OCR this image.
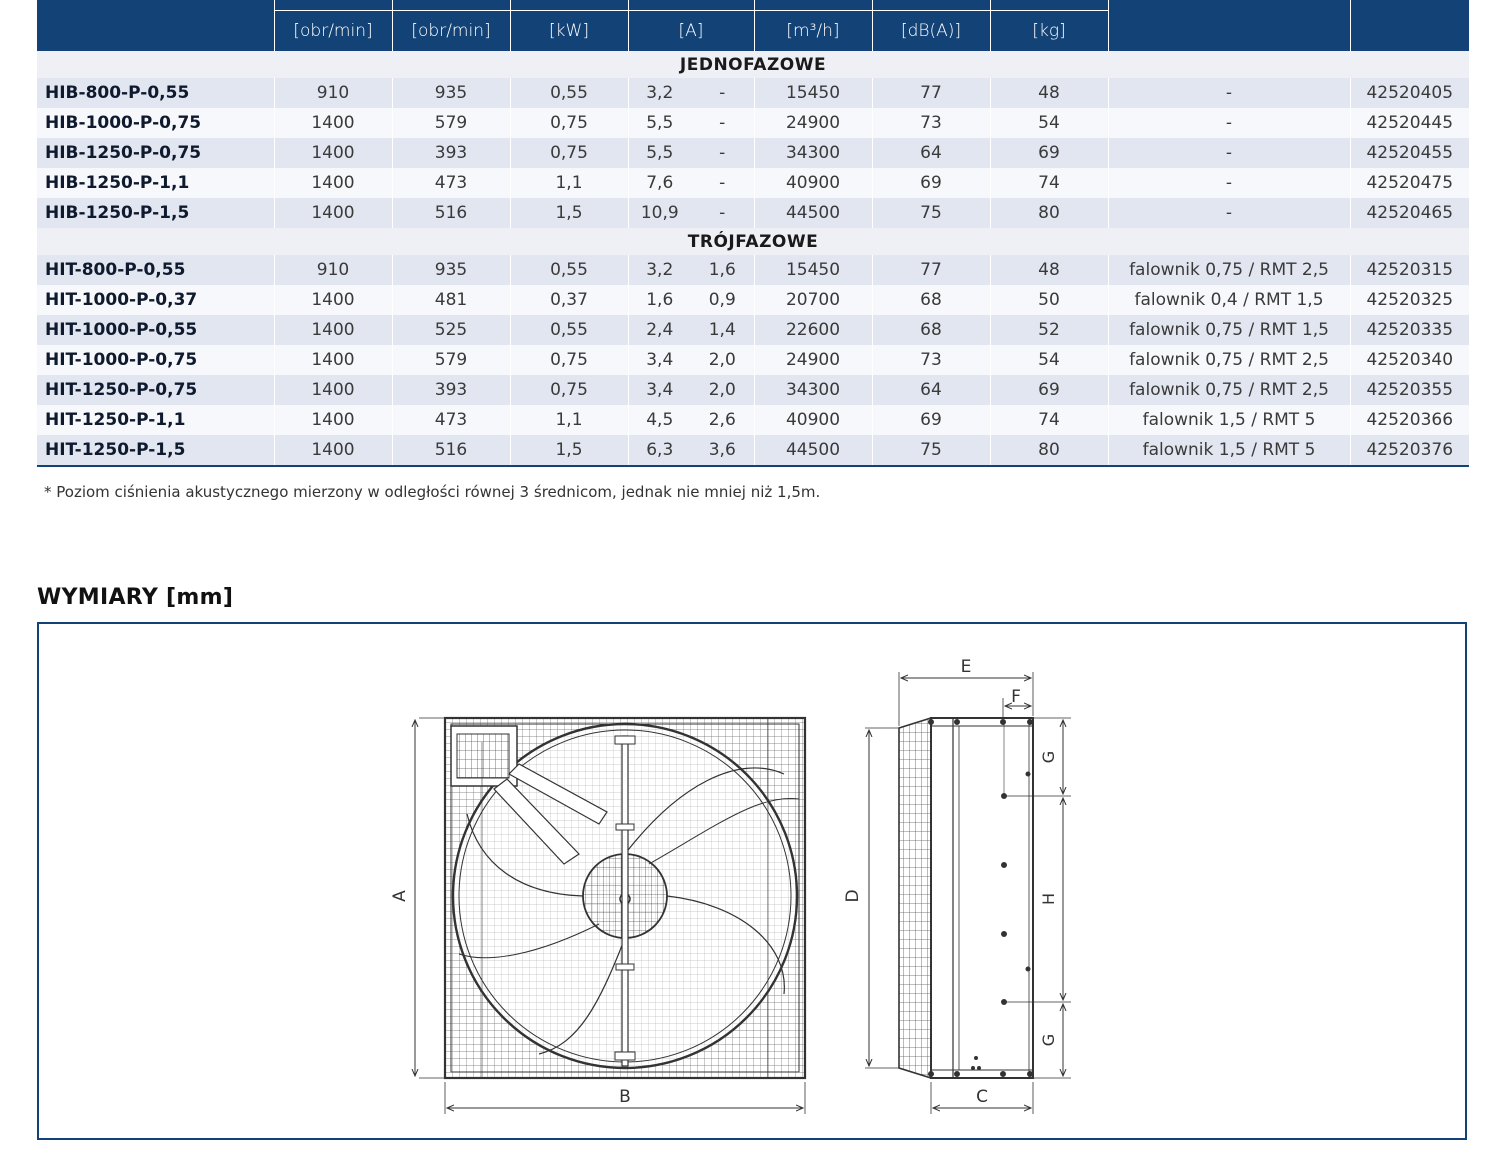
	[obr/min]	[obr/min]	[kW]	[A]		[m³/h]	[dB(A)]	[kg]		
JEDNOFAZOWE										
HIB-800-P-0,55	910	935	0,55	3,2	-	15450	77	48	-	42520405
HIB-1000-P-0,75	1400	579	0,75	5,5	-	24900	73	54	-	42520445
HIB-1250-P-0,75	1400	393	0,75	5,5	-	34300	64	69	-	42520455
HIB-1250-P-1,1	1400	473	1,1	7,6	-	40900	69	74	-	42520475
HIB-1250-P-1,5	1400	516	1,5	10,9	-	44500	75	80	-	42520465
TRÓJFAZOWE										
HIT-800-P-0,55	910	935	0,55	3,2	1,6	15450	77	48	falownik 0,75 / RMT 2,5	42520315
HIT-1000-P-0,37	1400	481	0,37	1,6	0,9	20700	68	50	falownik 0,4 / RMT 1,5	42520325
HIT-1000-P-0,55	1400	525	0,55	2,4	1,4	22600	68	52	falownik 0,75 / RMT 1,5	42520335
HIT-1000-P-0,75	1400	579	0,75	3,4	2,0	24900	73	54	falownik 0,75 / RMT 2,5	42520340
HIT-1250-P-0,75	1400	393	0,75	3,4	2,0	34300	64	69	falownik 0,75 / RMT 2,5	42520355
HIT-1250-P-1,1	1400	473	1,1	4,5	2,6	40900	69	74	falownik 1,5 / RMT 5	42520366
HIT-1250-P-1,5	1400	516	1,5	6,3	3,6	44500	75	80	falownik 1,5 / RMT 5	42520376
* Poziom ciśnienia akustycznego mierzony w odległości równej 3 średnicom, jednak nie mniej niż 1,5m.
WYMIARY [mm]
A
B
D
E
F
C
G
H
G
